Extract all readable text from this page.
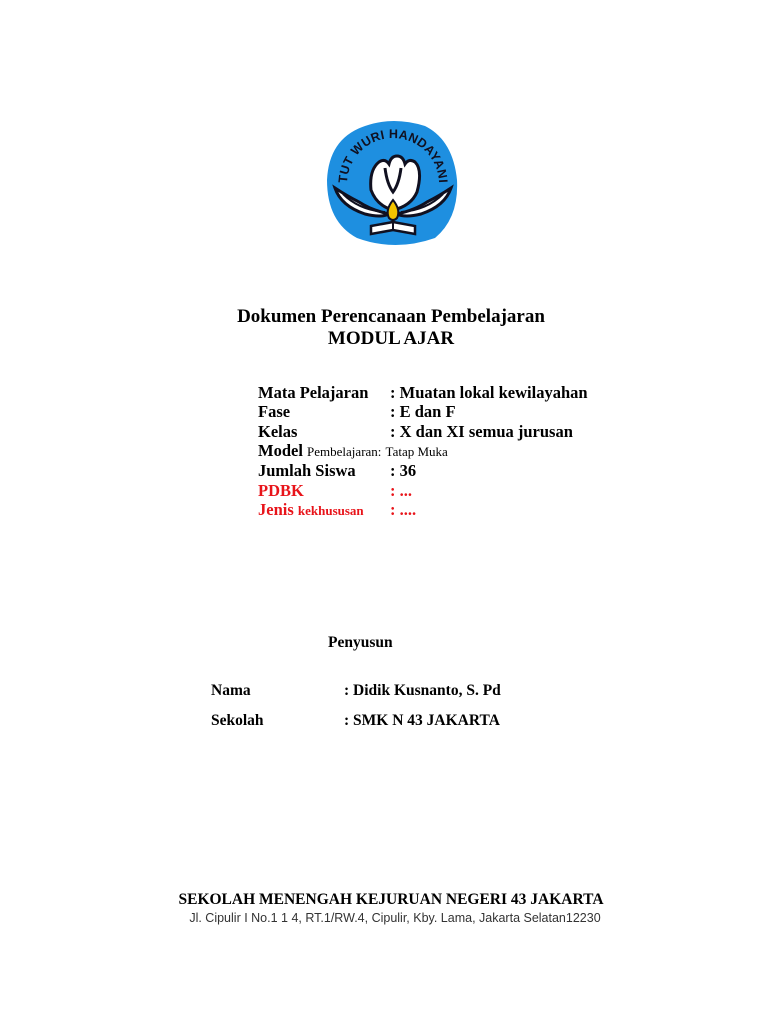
TUT WURI HANDAYANI
Dokumen Perencanaan Pembelajaran
MODUL AJAR
Mata Pelajaran : Muatan lokal kewilayahan
Fase	: E dan F
Kelas	: X dan XI semua jurusan
Model Pembelajaran: Tatap Muka
Jumlah Siswa : 36
PDBK	: ...
Jenis kekhususan : ....
Penyusun
Nama	: Didik Kusnanto, S. Pd
Sekolah	: SMK N 43 JAKARTA
SEKOLAH MENENGAH KEJURUAN NEGERI 43 JAKARTA
Jl. Cipulir I No.1 1 4, RT.1/RW.4, Cipulir, Kby. Lama, Jakarta Selatan12230
